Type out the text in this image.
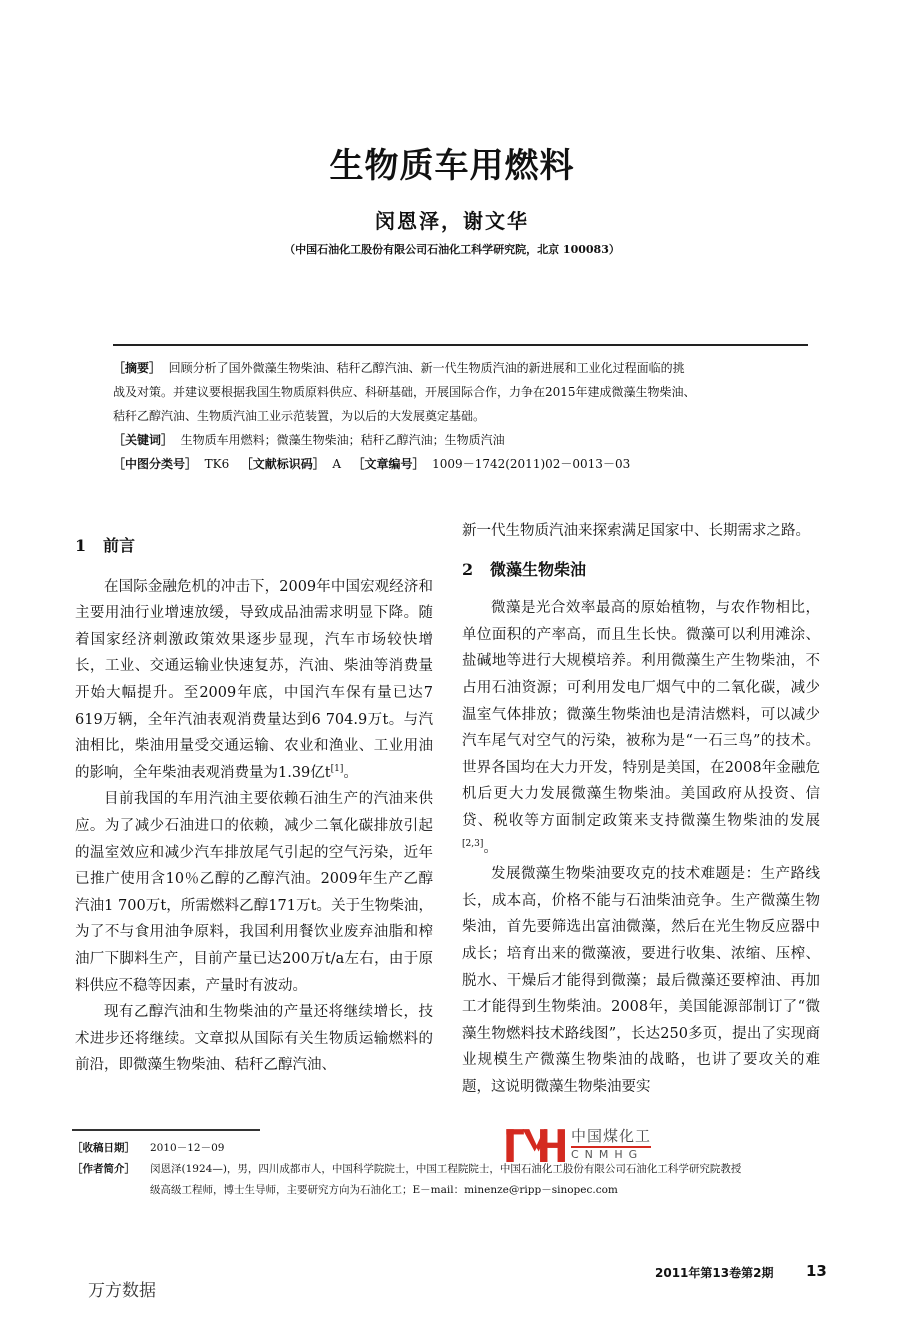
生物质车用燃料
闵恩泽，谢文华
（中国石油化工股份有限公司石油化工科学研究院，北京 100083）
［摘要］ 回顾分析了国外微藻生物柴油、秸秆乙醇汽油、新一代生物质汽油的新进展和工业化过程面临的挑
战及对策。并建议要根据我国生物质原料供应、科研基础，开展国际合作，力争在2015年建成微藻生物柴油、
秸秆乙醇汽油、生物质汽油工业示范装置，为以后的大发展奠定基础。
［关键词］ 生物质车用燃料；微藻生物柴油；秸秆乙醇汽油；生物质汽油
［中图分类号］ TK6 ［文献标识码］ A ［文章编号］ 1009－1742(2011)02－0013－03
1 前言

在国际金融危机的冲击下，2009年中国宏观经济和主要用油行业增速放缓，导致成品油需求明显下降。随着国家经济刺激政策效果逐步显现，汽车市场较快增长，工业、交通运输业快速复苏，汽油、柴油等消费量开始大幅提升。至2009年底，中国汽车保有量已达7 619万辆，全年汽油表观消费量达到6 704.9万t。与汽油相比，柴油用量受交通运输、农业和渔业、工业用油的影响，全年柴油表观消费量为1.39亿t[1]。

目前我国的车用汽油主要依赖石油生产的汽油来供应。为了减少石油进口的依赖，减少二氧化碳排放引起的温室效应和减少汽车排放尾气引起的空气污染，近年已推广使用含10％乙醇的乙醇汽油。2009年生产乙醇汽油1 700万t，所需燃料乙醇171万t。关于生物柴油，为了不与食用油争原料，我国利用餐饮业废弃油脂和榨油厂下脚料生产，目前产量已达200万t/a左右，由于原料供应不稳等因素，产量时有波动。

现有乙醇汽油和生物柴油的产量还将继续增长，技术进步还将继续。文章拟从国际有关生物质运输燃料的前沿，即微藻生物柴油、秸秆乙醇汽油、

新一代生物质汽油来探索满足国家中、长期需求之路。

2 微藻生物柴油

微藻是光合效率最高的原始植物，与农作物相比，单位面积的产率高，而且生长快。微藻可以利用滩涂、盐碱地等进行大规模培养。利用微藻生产生物柴油，不占用石油资源；可利用发电厂烟气中的二氧化碳，减少温室气体排放；微藻生物柴油也是清洁燃料，可以减少汽车尾气对空气的污染，被称为是“一石三鸟”的技术。世界各国均在大力开发，特别是美国，在2008年金融危机后更大力发展微藻生物柴油。美国政府从投资、信贷、税收等方面制定政策来支持微藻生物柴油的发展[2,3]。

发展微藻生物柴油要攻克的技术难题是：生产路线长，成本高，价格不能与石油柴油竞争。生产微藻生物柴油，首先要筛选出富油微藻，然后在光生物反应器中成长；培育出来的微藻液，要进行收集、浓缩、压榨、脱水、干燥后才能得到微藻；最后微藻还要榨油、再加工才能得到生物柴油。2008年，美国能源部制订了“微藻生物燃料技术路线图”，长达250多页，提出了实现商业规模生产微藻生物柴油的战略，也讲了要攻关的难题，这说明微藻生物柴油要实

［收稿日期］	2010－12－09
［作者简介］	闵恩泽(1924—)，男，四川成都市人，中国科学院院士，中国工程院院士，中国石油化工股份有限公司石油化工科学研究院教授
级高级工程师，博士生导师，主要研究方向为石油化工；E－mail：minenze@ripp－sinopec.com
中国煤化工
CNMHG
2011年第13卷第2期 13
万方数据
